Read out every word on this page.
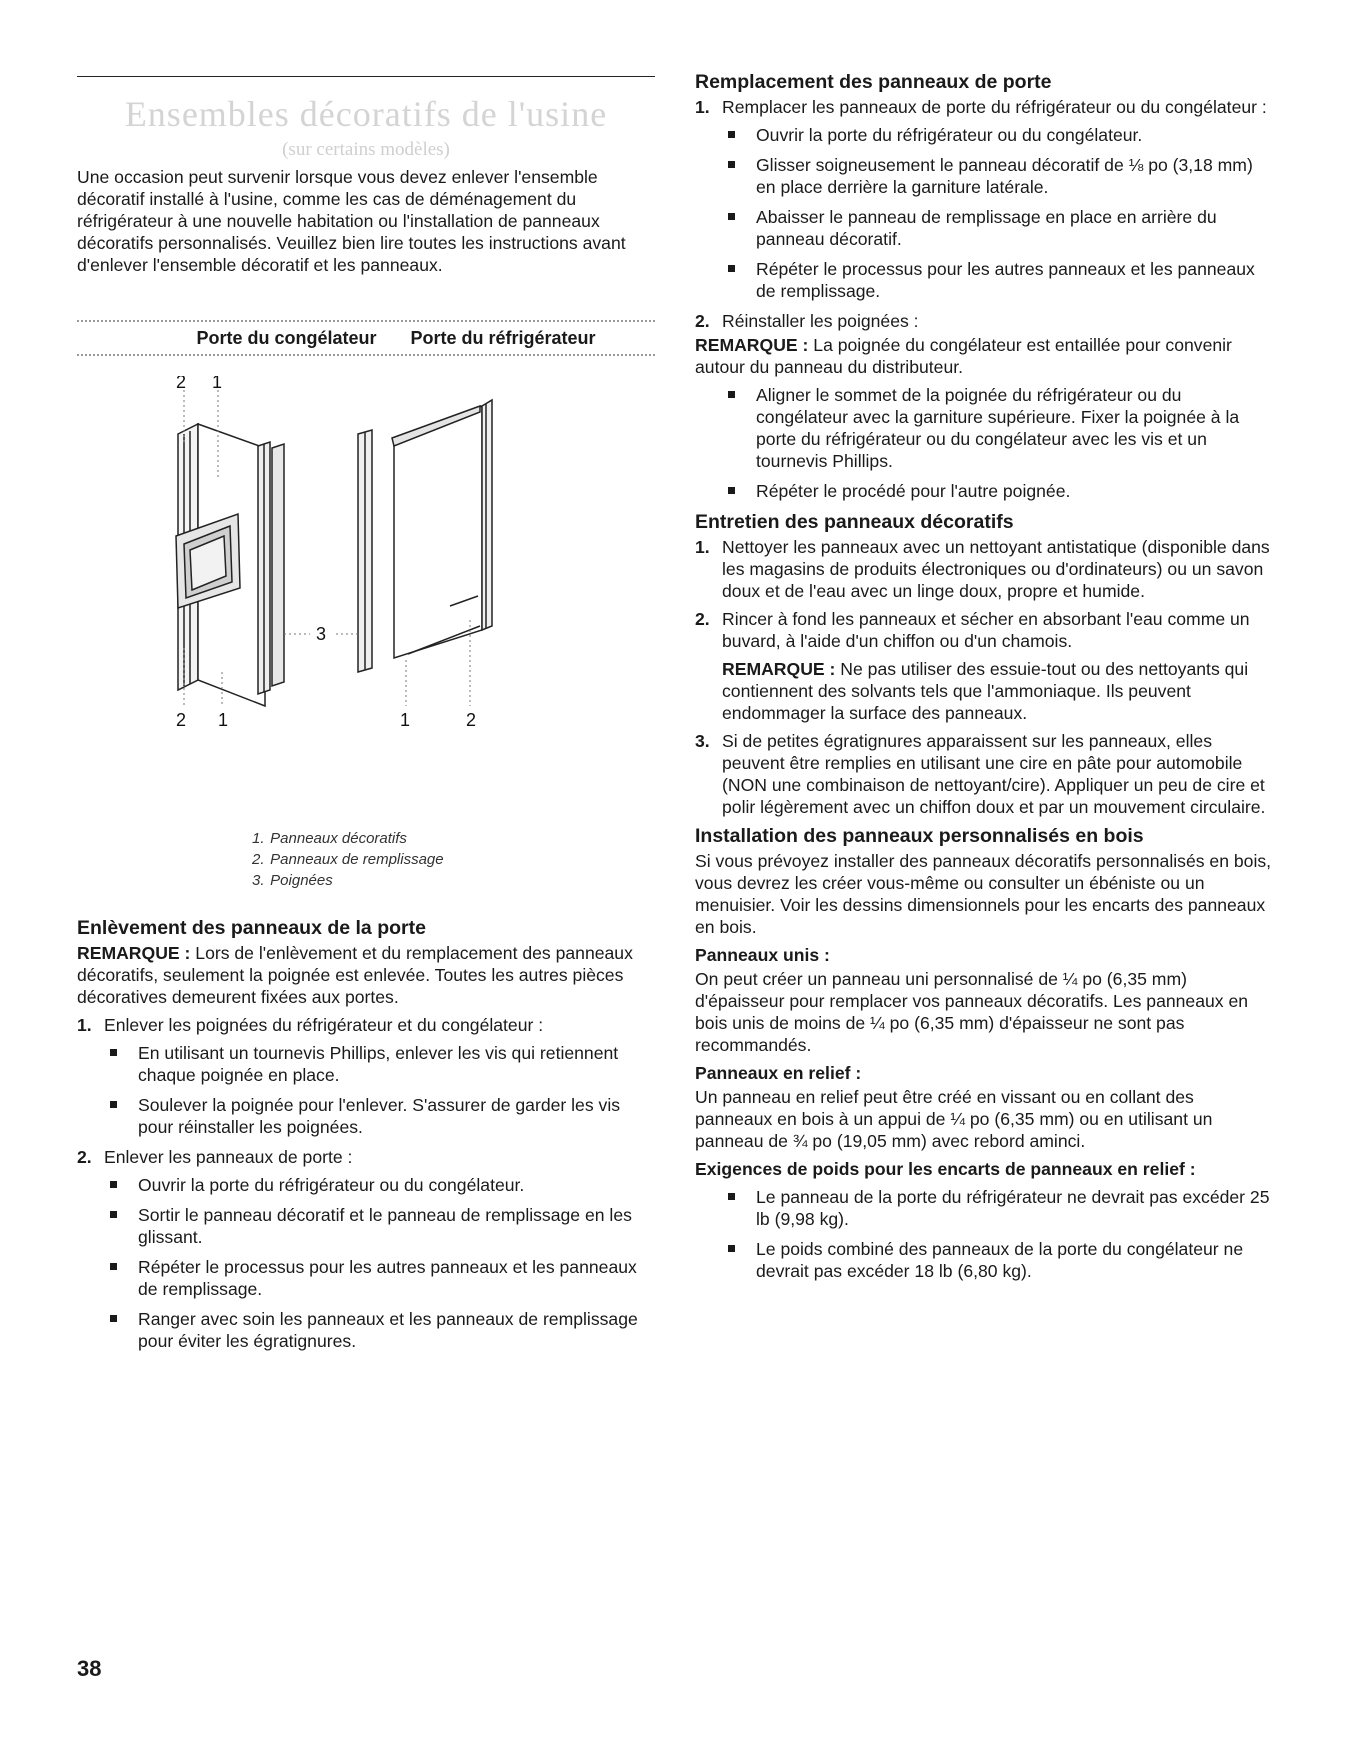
Ensembles décoratifs de l'usine
(sur certains modèles)

Une occasion peut survenir lorsque vous devez enlever l'ensemble décoratif installé à l'usine, comme les cas de déménagement du réfrigérateur à une nouvelle habitation ou l'installation de panneaux décoratifs personnalisés. Veuillez bien lire toutes les instructions avant d'enlever l'ensemble décoratif et les panneaux.

Porte du congélateur Porte du réfrigérateur
2 1
3
2 1	1	2
1. Panneaux décoratifs
2. Panneaux de remplissage
3. Poignées
Enlèvement des panneaux de la porte

REMARQUE : Lors de l'enlèvement et du remplacement des panneaux décoratifs, seulement la poignée est enlevée. Toutes les autres pièces décoratives demeurent fixées aux portes.

1. Enlever les poignées du réfrigérateur et du congélateur :
En utilisant un tournevis Phillips, enlever les vis qui retiennent chaque poignée en place.
Soulever la poignée pour l'enlever. S'assurer de garder les vis pour réinstaller les poignées.
2. Enlever les panneaux de porte :
Ouvrir la porte du réfrigérateur ou du congélateur.
Sortir le panneau décoratif et le panneau de remplissage en les glissant.
Répéter le processus pour les autres panneaux et les panneaux de remplissage.
Ranger avec soin les panneaux et les panneaux de remplissage pour éviter les égratignures.
38
Remplacement des panneaux de porte
1. Remplacer les panneaux de porte du réfrigérateur ou du congélateur :
Ouvrir la porte du réfrigérateur ou du congélateur.
Glisser soigneusement le panneau décoratif de ⅛ po (3,18 mm) en place derrière la garniture latérale.
Abaisser le panneau de remplissage en place en arrière du panneau décoratif.
Répéter le processus pour les autres panneaux et les panneaux de remplissage.
2. Réinstaller les poignées :

REMARQUE : La poignée du congélateur est entaillée pour convenir autour du panneau du distributeur.

Aligner le sommet de la poignée du réfrigérateur ou du congélateur avec la garniture supérieure. Fixer la poignée à la porte du réfrigérateur ou du congélateur avec les vis et un tournevis Phillips.
Répéter le procédé pour l'autre poignée.
Entretien des panneaux décoratifs
1. Nettoyer les panneaux avec un nettoyant antistatique (disponible dans les magasins de produits électroniques ou d'ordinateurs) ou un savon doux et de l'eau avec un linge doux, propre et humide.
2. Rincer à fond les panneaux et sécher en absorbant l'eau comme un buvard, à l'aide d'un chiffon ou d'un chamois.

REMARQUE : Ne pas utiliser des essuie-tout ou des nettoyants qui contiennent des solvants tels que l'ammoniaque. Ils peuvent endommager la surface des panneaux.

3. Si de petites égratignures apparaissent sur les panneaux, elles peuvent être remplies en utilisant une cire en pâte pour automobile (NON une combinaison de nettoyant/cire). Appliquer un peu de cire et polir légèrement avec un chiffon doux et par un mouvement circulaire.
Installation des panneaux personnalisés en bois

Si vous prévoyez installer des panneaux décoratifs personnalisés en bois, vous devrez les créer vous-même ou consulter un ébéniste ou un menuisier. Voir les dessins dimensionnels pour les encarts des panneaux en bois.

Panneaux unis :

On peut créer un panneau uni personnalisé de ¼ po (6,35 mm) d'épaisseur pour remplacer vos panneaux décoratifs. Les panneaux en bois unis de moins de ¼ po (6,35 mm) d'épaisseur ne sont pas recommandés.

Panneaux en relief :

Un panneau en relief peut être créé en vissant ou en collant des panneaux en bois à un appui de ¼ po (6,35 mm) ou en utilisant un panneau de ¾ po (19,05 mm) avec rebord aminci.

Exigences de poids pour les encarts de panneaux en relief :
Le panneau de la porte du réfrigérateur ne devrait pas excéder 25 lb (9,98 kg).
Le poids combiné des panneaux de la porte du congélateur ne devrait pas excéder 18 lb (6,80 kg).
